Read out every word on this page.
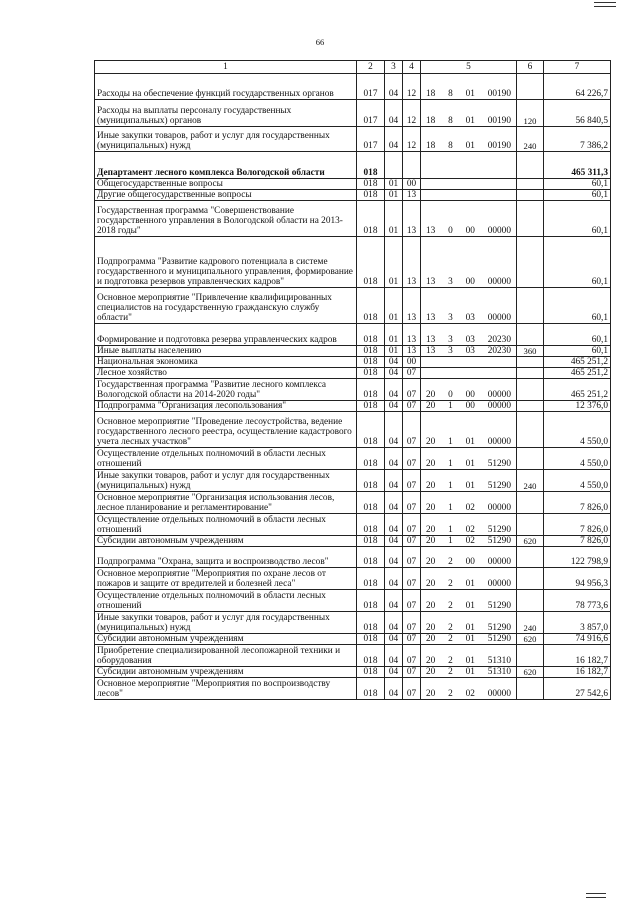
66
1	2	3	4	5	6	7
Расходы на обеспечение функций государственных органов	017	04	12	18 8 01 00190		64 226,7
Расходы на выплаты персоналу государственных (муниципальных) органов	017	04	12	18 8 01 00190	120	56 840,5
Иные закупки товаров, работ и услуг для государственных (муниципальных) нужд	017	04	12	18 8 01 00190	240	7 386,2
Департамент лесного комплекса Вологодской области	018					465 311,3
Общегосударственные вопросы	018	01	00			60,1
Другие общегосударственные вопросы	018	01	13			60,1
Государственная программа "Совершенствование государственного управления в Вологодской области на 2013-2018 годы"	018	01	13	13 0 00 00000		60,1
Подпрограмма "Развитие кадрового потенциала в системе государственного и муниципального управления, формирование и подготовка резервов управленческих кадров"	018	01	13	13 3 00 00000		60,1
Основное мероприятие "Привлечение квалифицированных специалистов на государственную гражданскую службу области"	018	01	13	13 3 03 00000		60,1
Формирование и подготовка резерва управленческих кадров	018	01	13	13 3 03 20230		60,1
Иные выплаты населению	018	01	13	13 3 03 20230	360	60,1
Национальная экономика	018	04	00			465 251,2
Лесное хозяйство	018	04	07			465 251,2
Государственная программа "Развитие лесного комплекса Вологодской области на 2014-2020 годы"	018	04	07	20 0 00 00000		465 251,2
Подпрограмма "Организация лесопользования"	018	04	07	20 1 00 00000		12 376,0
Основное мероприятие "Проведение лесоустройства, ведение государственного лесного реестра, осуществление кадастрового учета лесных участков"	018	04	07	20 1 01 00000		4 550,0
Осуществление отдельных полномочий в области лесных отношений	018	04	07	20 1 01 51290		4 550,0
Иные закупки товаров, работ и услуг для государственных (муниципальных) нужд	018	04	07	20 1 01 51290	240	4 550,0
Основное мероприятие "Организация использования лесов, лесное планирование и регламентирование"	018	04	07	20 1 02 00000		7 826,0
Осуществление отдельных полномочий в области лесных отношений	018	04	07	20 1 02 51290		7 826,0
Субсидии автономным учреждениям	018	04	07	20 1 02 51290	620	7 826,0
Подпрограмма "Охрана, защита и воспроизводство лесов"	018	04	07	20 2 00 00000		122 798,9
Основное мероприятие "Мероприятия по охране лесов от пожаров и защите от вредителей и болезней леса"	018	04	07	20 2 01 00000		94 956,3
Осуществление отдельных полномочий в области лесных отношений	018	04	07	20 2 01 51290		78 773,6
Иные закупки товаров, работ и услуг для государственных (муниципальных) нужд	018	04	07	20 2 01 51290	240	3 857,0
Субсидии автономным учреждениям	018	04	07	20 2 01 51290	620	74 916,6
Приобретение специализированной лесопожарной техники и оборудования	018	04	07	20 2 01 51310		16 182,7
Субсидии автономным учреждениям	018	04	07	20 2 01 51310	620	16 182,7
Основное мероприятие "Мероприятия по воспроизводству лесов"	018	04	07	20 2 02 00000		27 542,6
